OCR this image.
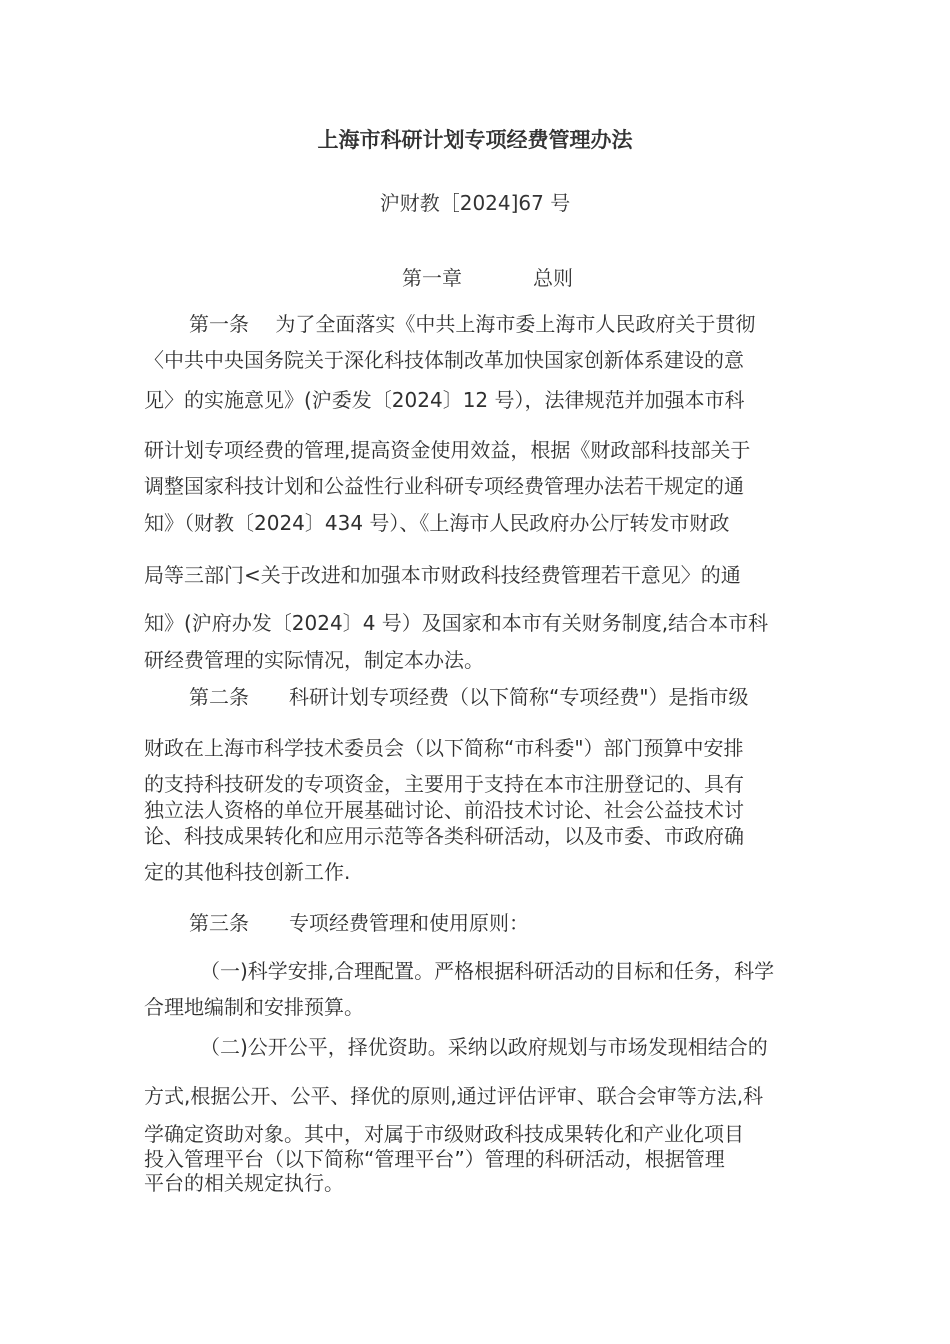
上海市科研计划专项经费管理办法
沪财教［2024]67 号
第一章	总则
第一条　 为了全面落实《中共上海市委上海市人民政府关于贯彻
〈中共中央国务院关于深化科技体制改革加快国家创新体系建设的意
见〉的实施意见》(沪委发〔2024〕12 号），法律规范并加强本市科
研计划专项经费的管理,提高资金使用效益，根据《财政部科技部关于
调整国家科技计划和公益性行业科研专项经费管理办法若干规定的通
知》（财教〔2024〕434 号）、《上海市人民政府办公厅转发市财政
局等三部门<关于改进和加强本市财政科技经费管理若干意见〉的通
知》(沪府办发〔2024〕4 号）及国家和本市有关财务制度,结合本市科
研经费管理的实际情况，制定本办法。
第二条　　科研计划专项经费（以下简称“专项经费"）是指市级
财政在上海市科学技术委员会（以下简称“市科委"）部门预算中安排
的支持科技研发的专项资金，主要用于支持在本市注册登记的、具有
独立法人资格的单位开展基础讨论、前沿技术讨论、社会公益技术讨
论、科技成果转化和应用示范等各类科研活动，以及市委、市政府确
定的其他科技创新工作.
第三条　　专项经费管理和使用原则：
（一)科学安排,合理配置。严格根据科研活动的目标和任务，科学
合理地编制和安排预算。
（二)公开公平，择优资助。采纳以政府规划与市场发现相结合的
方式,根据公开、公平、择优的原则,通过评估评审、联合会审等方法,科
学确定资助对象。其中，对属于市级财政科技成果转化和产业化项目
投入管理平台（以下简称“管理平台”）管理的科研活动，根据管理
平台的相关规定执行。
